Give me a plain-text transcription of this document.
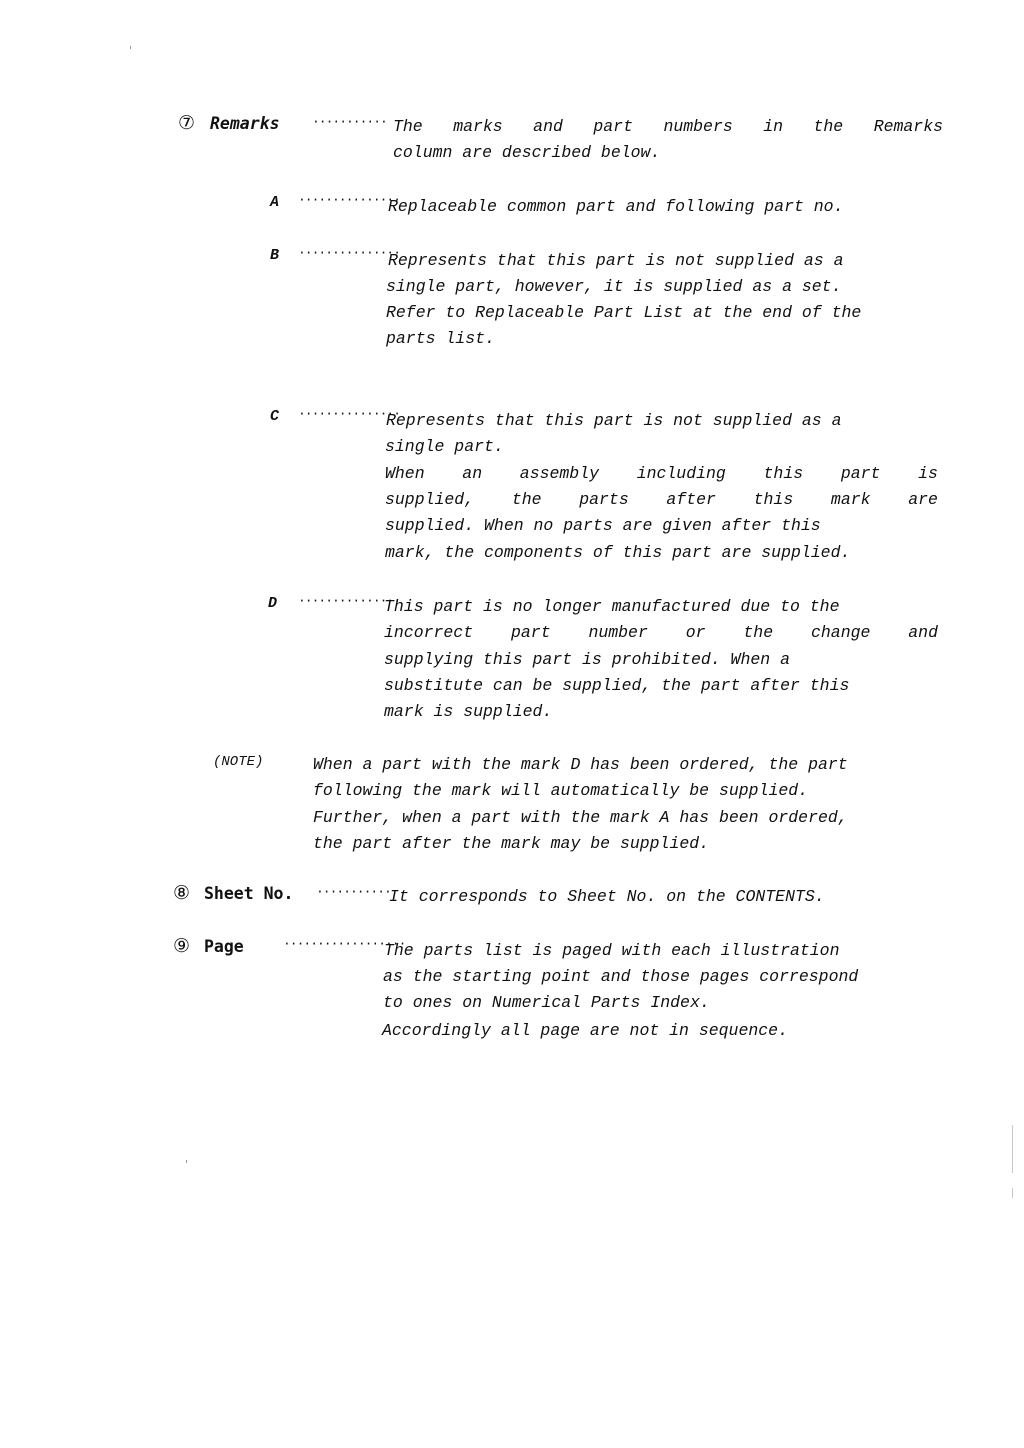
⑦ Remarks ··········· The marks and part numbers in the Remarks
column are described below.
A ···············
Replaceable common part and following part no.
B ···············
Represents that this part is not supplied as a
single part, however, it is supplied as a set.
Refer to Replaceable Part List at the end of the
parts list.
C ···············
Represents that this part is not supplied as a
single part.
When an assembly including this part is
supplied, the parts after this mark are
supplied. When no parts are given after this
mark, the components of this part are supplied.
D ···············
This part is no longer manufactured due to the
incorrect part number or the change and
supplying this part is prohibited. When a
substitute can be supplied, the part after this
mark is supplied.
(NOTE)	When a part with the mark D has been ordered, the part
following the mark will automatically be supplied.
Further, when a part with the mark A has been ordered,
the part after the mark may be supplied.
⑧ Sheet No. ···········
It corresponds to Sheet No. on the CONTENTS.
⑨ Page	··················
The parts list is paged with each illustration
as the starting point and those pages correspond
to ones on Numerical Parts Index.
Accordingly all page are not in sequence.
